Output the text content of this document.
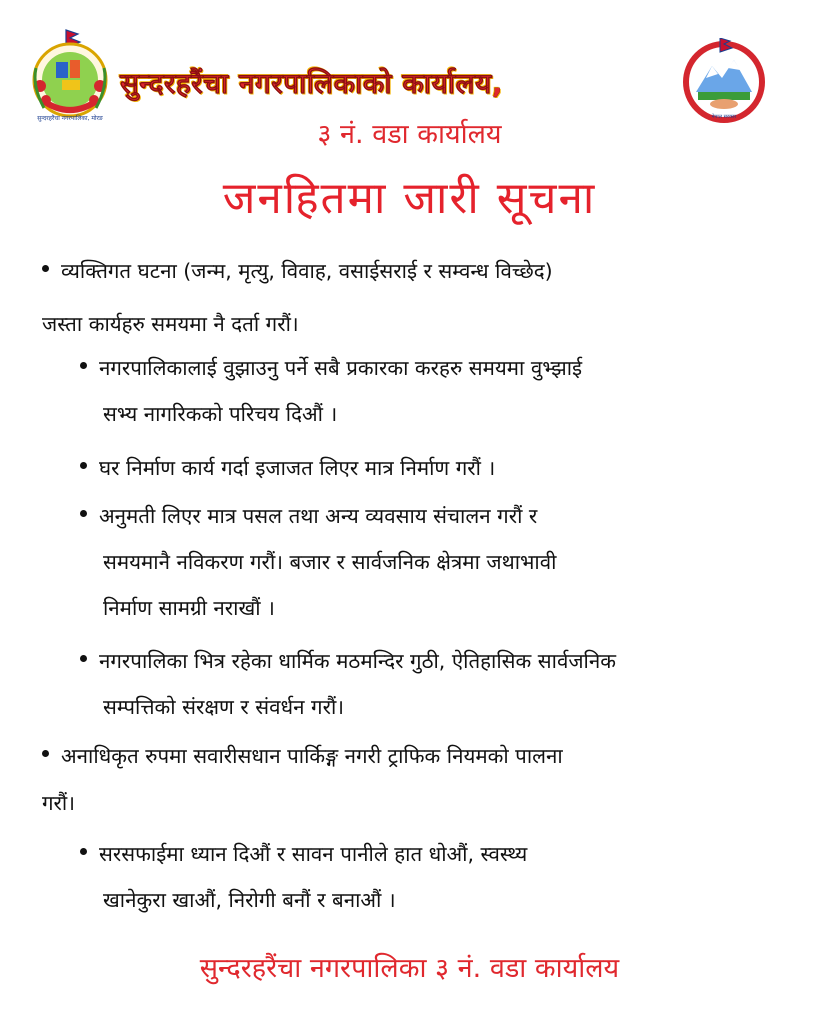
सुन्दरहरैंचा नगरपालिका, मोरङ	नेपाल सरकार
सुन्दरहरैंचा नगरपालिकाको कार्यालय,
३ नं. वडा कार्यालय
जनहितमा जारी सूचना
व्यक्तिगत घटना (जन्म, मृत्यु, विवाह, वसाईसराई र सम्वन्ध विच्छेद)
जस्ता कार्यहरु समयमा नै दर्ता गरौं।
नगरपालिकालाई वुझाउनु पर्ने सबै प्रकारका करहरु समयमा वुभ्झाई
सभ्य नागरिकको परिचय दिऔं ।
घर निर्माण कार्य गर्दा इजाजत लिएर मात्र निर्माण गरौं ।
अनुमती लिएर मात्र पसल तथा अन्य व्यवसाय संचालन गरौं र
समयमानै नविकरण गरौं। बजार र सार्वजनिक क्षेत्रमा जथाभावी
निर्माण सामग्री नराखौं ।
नगरपालिका भित्र रहेका धार्मिक मठमन्दिर गुठी, ऐतिहासिक सार्वजनिक
सम्पत्तिको संरक्षण र संवर्धन गरौं।
अनाधिकृत रुपमा सवारीसधान पार्किङ्ग नगरी ट्राफिक नियमको पालना
गरौं।
सरसफाईमा ध्यान दिऔं र सावन पानीले हात धोऔं, स्वस्थ्य
खानेकुरा खाऔं, निरोगी बनौं र बनाऔं ।
सुन्दरहरैंचा नगरपालिका ३ नं. वडा कार्यालय
